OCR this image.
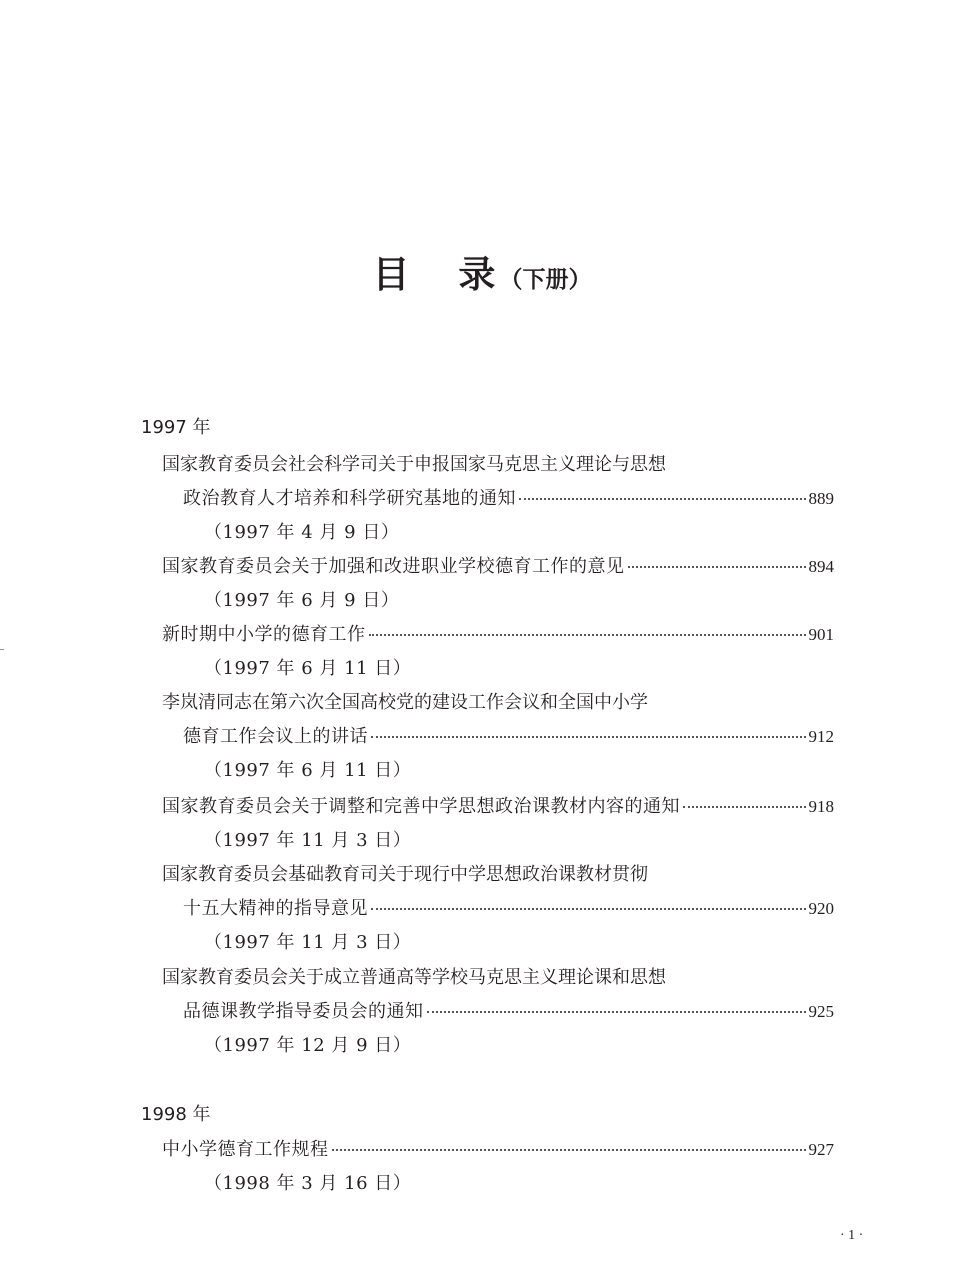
目 录（下册）
1997 年
国家教育委员会社会科学司关于申报国家马克思主义理论与思想
政治教育人才培养和科学研究基地的通知	889
（1997 年 4 月 9 日）
国家教育委员会关于加强和改进职业学校德育工作的意见	894
（1997 年 6 月 9 日）
新时期中小学的德育工作	901
（1997 年 6 月 11 日）
李岚清同志在第六次全国高校党的建设工作会议和全国中小学
德育工作会议上的讲话	912
（1997 年 6 月 11 日）
国家教育委员会关于调整和完善中学思想政治课教材内容的通知	918
（1997 年 11 月 3 日）
国家教育委员会基础教育司关于现行中学思想政治课教材贯彻
十五大精神的指导意见	920
（1997 年 11 月 3 日）
国家教育委员会关于成立普通高等学校马克思主义理论课和思想
品德课教学指导委员会的通知	925
（1997 年 12 月 9 日）
1998 年
中小学德育工作规程	927
（1998 年 3 月 16 日）
· 1 ·
